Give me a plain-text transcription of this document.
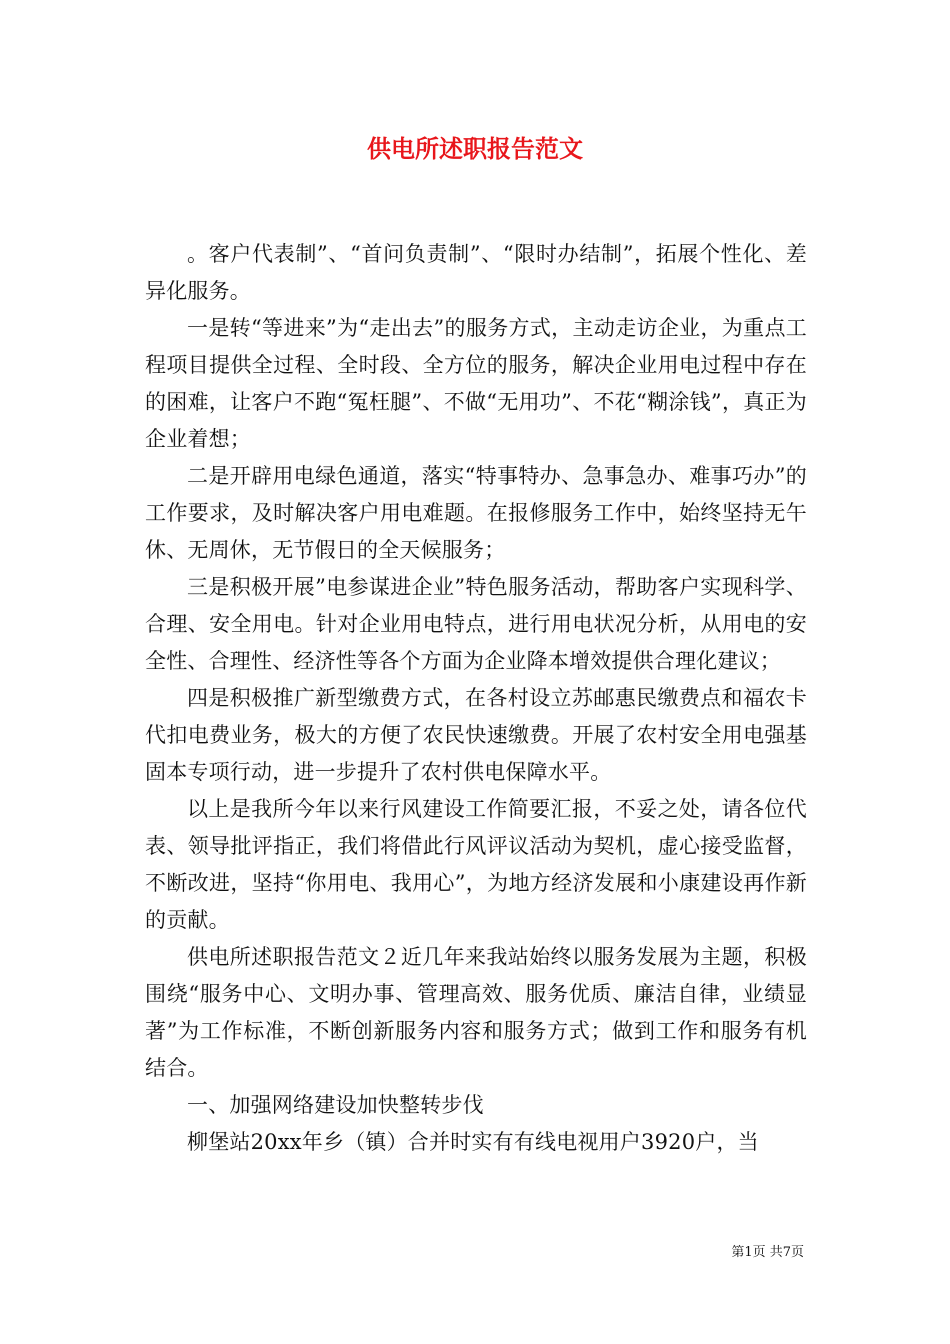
供电所述职报告范文

。客户代表制”、“首问负责制”、“限时办结制”，拓展个性化、差异化服务。

一是转“等进来”为“走出去”的服务方式，主动走访企业，为重点工程项目提供全过程、全时段、全方位的服务，解决企业用电过程中存在的困难，让客户不跑“冤枉腿”、不做“无用功”、不花“糊涂钱”，真正为企业着想；

二是开辟用电绿色通道，落实“特事特办、急事急办、难事巧办”的工作要求，及时解决客户用电难题。在报修服务工作中，始终坚持无午休、无周休，无节假日的全天候服务；

三是积极开展”电参谋进企业”特色服务活动，帮助客户实现科学、合理、安全用电。针对企业用电特点，进行用电状况分析，从用电的安全性、合理性、经济性等各个方面为企业降本增效提供合理化建议；

四是积极推广新型缴费方式，在各村设立苏邮惠民缴费点和福农卡代扣电费业务，极大的方便了农民快速缴费。开展了农村安全用电强基固本专项行动，进一步提升了农村供电保障水平。

以上是我所今年以来行风建设工作简要汇报，不妥之处，请各位代表、领导批评指正，我们将借此行风评议活动为契机，虚心接受监督，不断改进，坚持“你用电、我用心”，为地方经济发展和小康建设再作新的贡献。

供电所述职报告范文２近几年来我站始终以服务发展为主题，积极围绕“服务中心、文明办事、管理高效、服务优质、廉洁自律，业绩显著”为工作标准，不断创新服务内容和服务方式；做到工作和服务有机结合。

一、加强网络建设加快整转步伐

柳堡站20xx年乡（镇）合并时实有有线电视用户3920户，当

第1页 共7页
